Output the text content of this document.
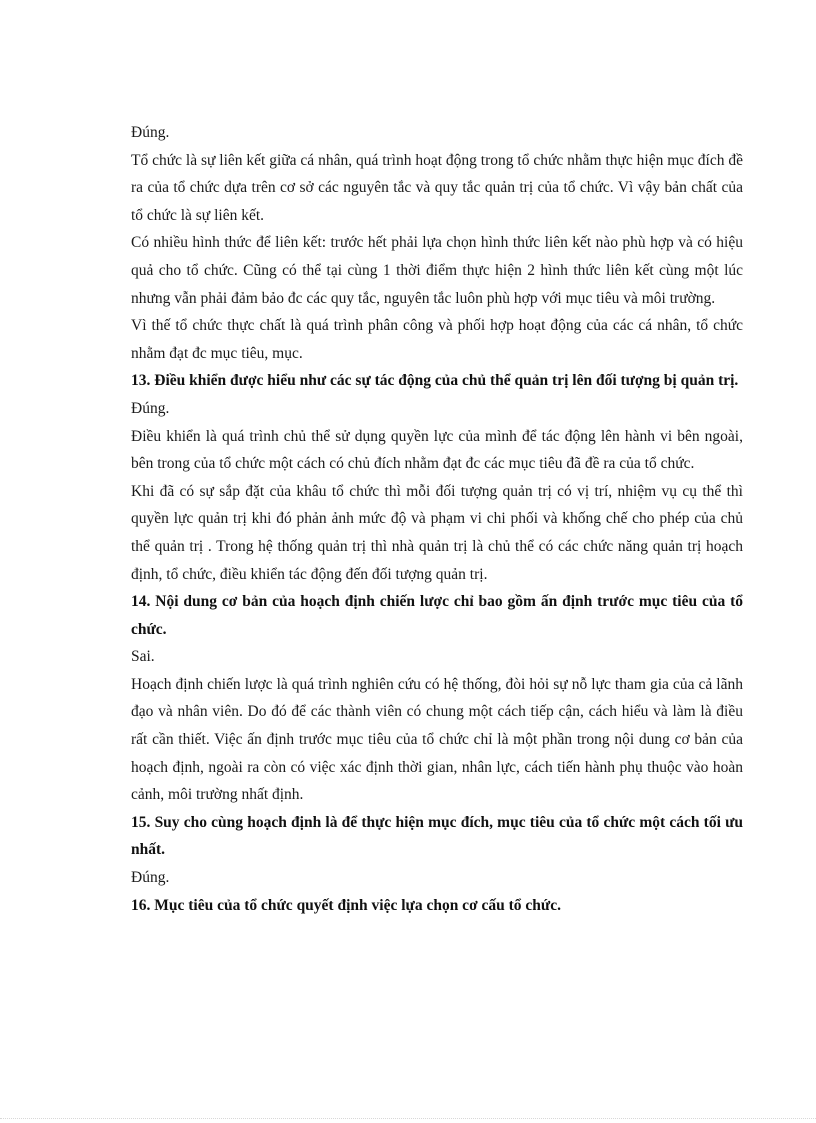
Đúng.

Tổ chức là sự liên kết giữa cá nhân, quá trình hoạt động trong tổ chức nhằm thực hiện mục đích đề ra của tổ chức dựa trên cơ sở các nguyên tắc và quy tắc quản trị của tổ chức. Vì vậy bản chất của tổ chức là sự liên kết.

Có nhiều hình thức để liên kết: trước hết phải lựa chọn hình thức liên kết nào phù hợp và có hiệu quả cho tổ chức. Cũng có thể tại cùng 1 thời điểm thực hiện 2 hình thức liên kết cùng một lúc nhưng vẫn phải đảm bảo đc các quy tắc, nguyên tắc luôn phù hợp với mục tiêu và môi trường.

Vì thế tổ chức thực chất là quá trình phân công và phối hợp hoạt động của các cá nhân, tổ chức nhằm đạt đc mục tiêu, mục.

13. Điều khiển được hiểu như các sự tác động của chủ thể quản trị lên đối tượng bị quản trị.

Đúng.

Điều khiển là quá trình chủ thể sử dụng quyền lực của mình để tác động lên hành vi bên ngoài, bên trong của tổ chức một cách có chủ đích nhằm đạt đc các mục tiêu đã đề ra của tổ chức.

Khi đã có sự sắp đặt của khâu tổ chức thì mỗi đối tượng quản trị có vị trí, nhiệm vụ cụ thể thì quyền lực quản trị khi đó phản ảnh mức độ và phạm vi chi phối và khống chế cho phép của chủ thể quản trị . Trong hệ thống quản trị thì nhà quản trị là chủ thể có các chức năng quản trị hoạch định, tổ chức, điều khiển tác động đến đối tượng quản trị.

14. Nội dung cơ bản của hoạch định chiến lược chỉ bao gồm ấn định trước mục tiêu của tổ chức.

Sai.

Hoạch định chiến lược là quá trình nghiên cứu có hệ thống, đòi hỏi sự nỗ lực tham gia của cả lãnh đạo và nhân viên. Do đó để các thành viên có chung một cách tiếp cận, cách hiểu và làm là điều rất cần thiết. Việc ấn định trước mục tiêu của tổ chức chỉ là một phần trong nội dung cơ bản của hoạch định, ngoài ra còn có việc xác định thời gian, nhân lực, cách tiến hành phụ thuộc vào hoàn cảnh, môi trường nhất định.

15. Suy cho cùng hoạch định là để thực hiện mục đích, mục tiêu của tổ chức một cách tối ưu nhất.

Đúng.

16. Mục tiêu của tổ chức quyết định việc lựa chọn cơ cấu tổ chức.
